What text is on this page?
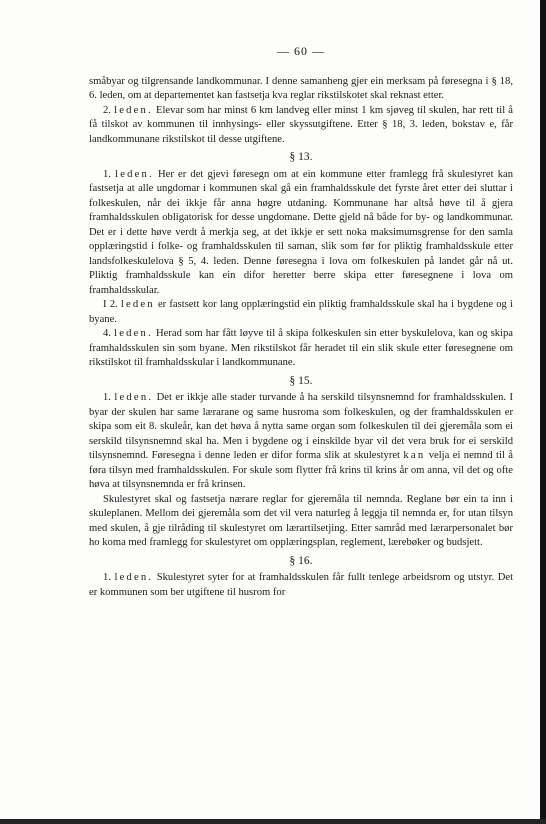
— 60 —

småbyar og tilgrensande landkommunar. I denne samanheng gjer ein merksam på føresegna i § 18, 6. leden, om at departementet kan fastsetja kva reglar rikstilskotet skal reknast etter.

2. leden. Elevar som har minst 6 km landveg eller minst 1 km sjøveg til skulen, har rett til å få tilskot av kommunen til innhysings- eller skyssutgiftene. Etter § 18, 3. leden, bokstav e, får landkommunane rikstilskot til desse utgiftene.

§ 13.

1. leden. Her er det gjevi føresegn om at ein kommune etter framlegg frå skulestyret kan fastsetja at alle ungdomar i kommunen skal gå ein framhaldsskule det fyrste året etter dei sluttar i folkeskulen, når dei ikkje får anna høgre utdaning. Kommunane har altså høve til å gjera framhaldsskulen obligatorisk for desse ungdomane. Dette gjeld nå både for by- og landkommunar. Det er i dette høve verdt å merkja seg, at det ikkje er sett noka maksimumsgrense for den samla opplæringstid i folke- og framhaldsskulen til saman, slik som før for pliktig framhaldsskule etter landsfolkeskulelova § 5, 4. leden. Denne føresegna i lova om folkeskulen på landet går nå ut. Pliktig framhaldsskule kan ein difor heretter berre skipa etter føresegnene i lova om framhaldsskular.

I 2. leden er fastsett kor lang opplæringstid ein pliktig framhaldsskule skal ha i bygdene og i byane.

4. leden. Herad som har fått løyve til å skipa folkeskulen sin etter byskulelova, kan og skipa framhaldsskulen sin som byane. Men rikstilskot får heradet til ein slik skule etter føresegnene om rikstilskot til framhaldsskular i landkommunane.

§ 15.

1. leden. Det er ikkje alle stader turvande å ha serskild tilsynsnemnd for framhaldsskulen. I byar der skulen har same lærarane og same husroma som folkeskulen, og der framhaldsskulen er skipa som eit 8. skuleår, kan det høva å nytta same organ som folkeskulen til dei gjeremåla som ei serskild tilsynsnemnd skal ha. Men i bygdene og i einskilde byar vil det vera bruk for ei serskild tilsynsnemnd. Føresegna i denne leden er difor forma slik at skulestyret kan velja ei nemnd til å føra tilsyn med framhaldsskulen. For skule som flytter frå krins til krins år om anna, vil det og ofte høva at tilsynsnemnda er frå krinsen.

Skulestyret skal og fastsetja nærare reglar for gjeremåla til nemnda. Reglane bør ein ta inn i skuleplanen. Mellom dei gjeremåla som det vil vera naturleg å leggja til nemnda er, for utan tilsyn med skulen, å gje tilråding til skulestyret om lærartilsetjing. Etter samråd med lærarpersonalet bør ho koma med framlegg for skulestyret om opplæringsplan, reglement, lærebøker og budsjett.

§ 16.

1. leden. Skulestyret syter for at framhaldsskulen får fullt tenlege arbeidsrom og utstyr. Det er kommunen som ber utgiftene til husrom for
